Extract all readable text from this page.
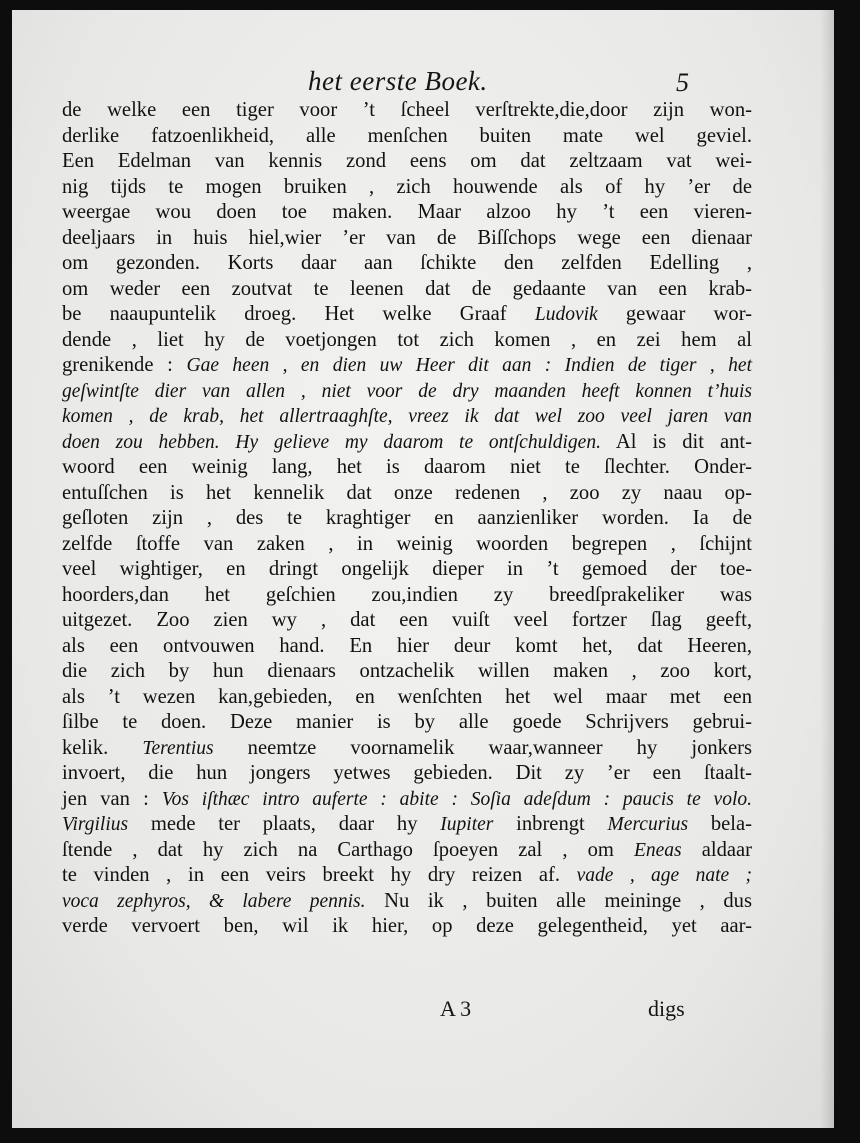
het eerste Boek.	5
de welke een tiger voor ’t ſcheel verſtrekte,die,door zijn won-
derlike fatzoenlikheid, alle menſchen buiten mate wel geviel.
Een Edelman van kennis zond eens om dat zeltzaam vat wei-
nig tijds te mogen bruiken , zich houwende als of hy ’er de
weergae wou doen toe maken. Maar alzoo hy ’t een vieren-
deeljaars in huis hiel,wier ’er van de Biſſchops wege een dienaar
om gezonden. Korts daar aan ſchikte den zelfden Edelling ,
om weder een zoutvat te leenen dat de gedaante van een krab-
be naaupuntelik droeg. Het welke Graaf Ludovik gewaar wor-
dende , liet hy de voetjongen tot zich komen , en zei hem al
grenikende : Gae heen , en dien uw Heer dit aan : Indien de tiger , het
geſwintſte dier van allen , niet voor de dry maanden heeft konnen t’huis
komen , de krab, het allertraaghſte, vreez ik dat wel zoo veel jaren van
doen zou hebben. Hy gelieve my daarom te ontſchuldigen. Al is dit ant-
woord een weinig lang, het is daarom niet te ſlechter. Onder-
entuſſchen is het kennelik dat onze redenen , zoo zy naau op-
geſloten zijn , des te kraghtiger en aanzienliker worden. Ia de
zelfde ſtoffe van zaken , in weinig woorden begrepen , ſchijnt
veel wightiger, en dringt ongelijk dieper in ’t gemoed der toe-
hoorders,dan het geſchien zou,indien zy breedſprakeliker was
uitgezet. Zoo zien wy , dat een vuiſt veel fortzer ſlag geeft,
als een ontvouwen hand. En hier deur komt het, dat Heeren,
die zich by hun dienaars ontzachelik willen maken , zoo kort,
als ’t wezen kan,gebieden, en wenſchten het wel maar met een
ſilbe te doen. Deze manier is by alle goede Schrijvers gebrui-
kelik. Terentius neemtze voornamelik waar,wanneer hy jonkers
invoert, die hun jongers yetwes gebieden. Dit zy ’er een ſtaalt-
jen van : Vos iſthæc intro auferte : abite : Soſia adeſdum : paucis te volo.
Virgilius mede ter plaats, daar hy Iupiter inbrengt Mercurius bela-
ſtende , dat hy zich na Carthago ſpoeyen zal , om Eneas aldaar
te vinden , in een veirs breekt hy dry reizen af. vade , age nate ;
voca zephyros, & labere pennis. Nu ik , buiten alle meininge , dus
verde vervoert ben, wil ik hier, op deze gelegentheid, yet aar-
A 3	digs
